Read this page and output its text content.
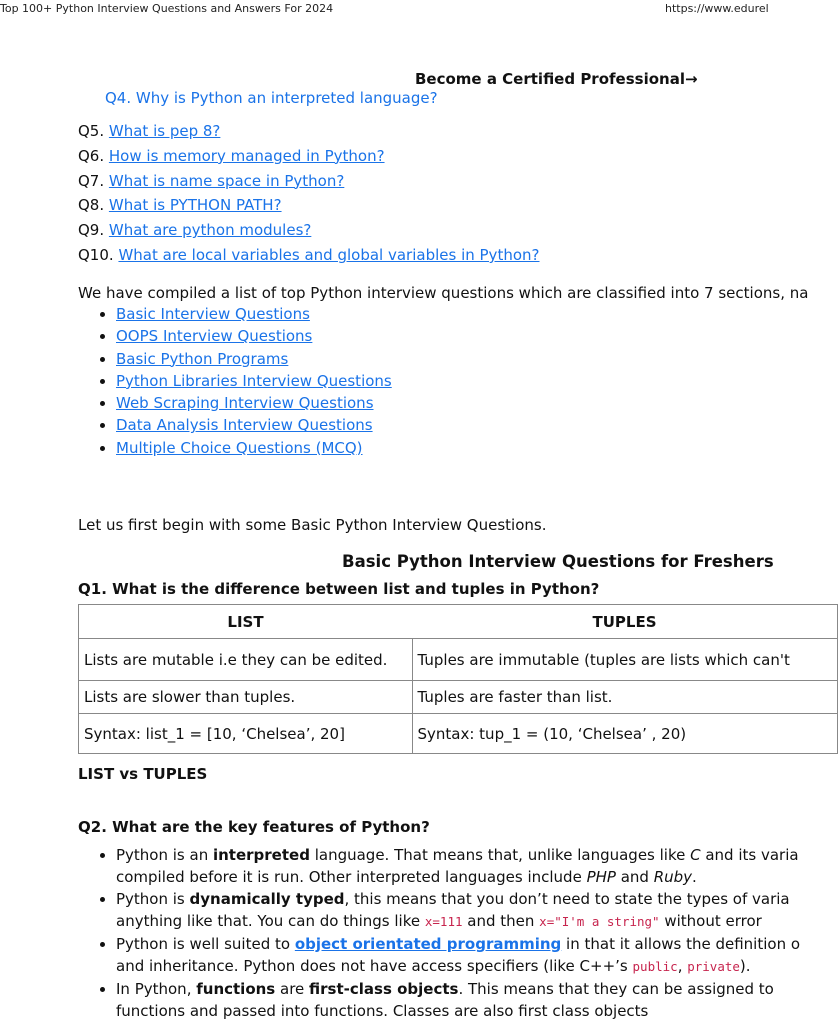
Top 100+ Python Interview Questions and Answers For 2024	https://www.edurel
Become a Certified Professional→
Q4. Why is Python an interpreted language?
Q5. What is pep 8?
Q6. How is memory managed in Python?
Q7. What is name space in Python?
Q8. What is PYTHON PATH?
Q9. What are python modules?
Q10. What are local variables and global variables in Python?
We have compiled a list of top Python interview questions which are classified into 7 sections, na
• Basic Interview Questions
• OOPS Interview Questions
• Basic Python Programs
• Python Libraries Interview Questions
• Web Scraping Interview Questions
• Data Analysis Interview Questions
• Multiple Choice Questions (MCQ)
Let us first begin with some Basic Python Interview Questions.
Basic Python Interview Questions for Freshers
Q1. What is the difference between list and tuples in Python?
LIST	TUPLES
Lists are mutable i.e they can be edited.	Tuples are immutable (tuples are lists which can't
Lists are slower than tuples.	Tuples are faster than list.
Syntax: list_1 = [10, ‘Chelsea’, 20]	Syntax: tup_1 = (10, ‘Chelsea’ , 20)
LIST vs TUPLES
Q2. What are the key features of Python?
• Python is an interpreted language. That means that, unlike languages like C and its varia
compiled before it is run. Other interpreted languages include PHP and Ruby.
• Python is dynamically typed, this means that you don’t need to state the types of varia
anything like that. You can do things like x=111 and then x="I'm a string" without error
• Python is well suited to object orientated programming in that it allows the definition o
and inheritance. Python does not have access specifiers (like C++’s public, private).
• In Python, functions are first-class objects. This means that they can be assigned to
functions and passed into functions. Classes are also first class objects
